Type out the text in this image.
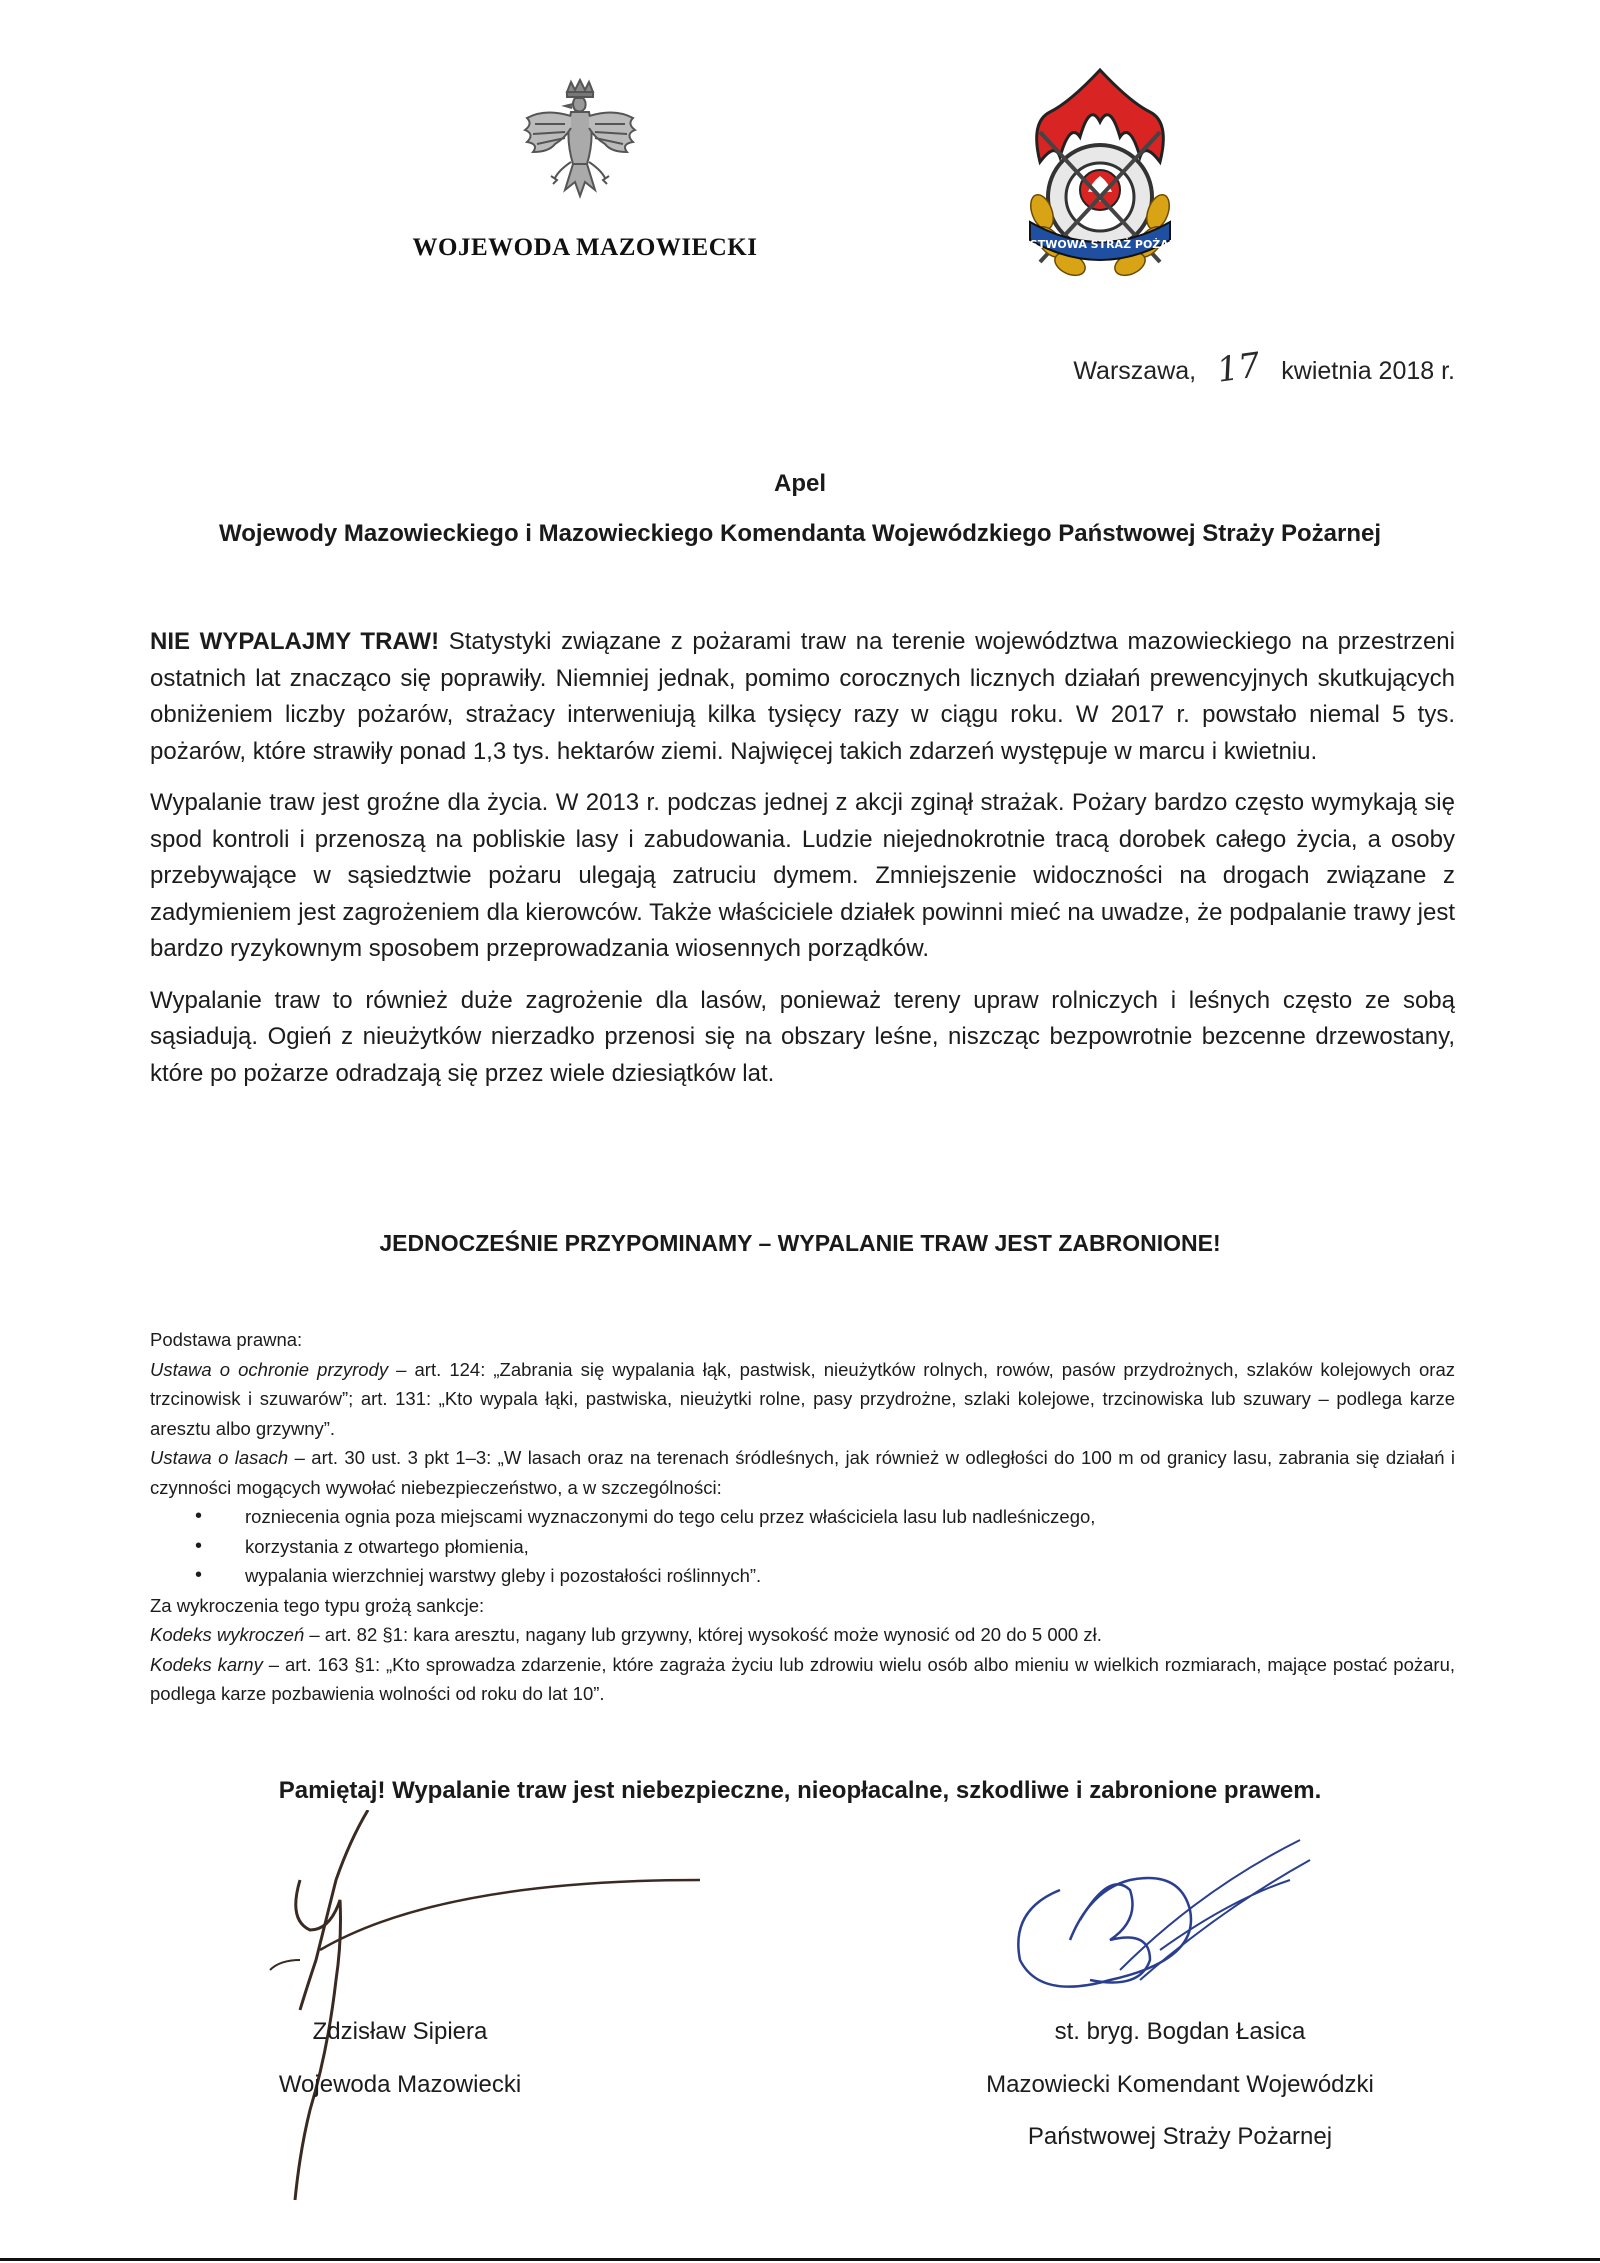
WOJEWODA MAZOWIECKI	PAŃSTWOWA STRAŻ POŻARNA
Warszawa, 17 kwietnia 2018 r.
Apel
Wojewody Mazowieckiego i Mazowieckiego Komendanta Wojewódzkiego Państwowej Straży Pożarnej

NIE WYPALAJMY TRAW! Statystyki związane z pożarami traw na terenie województwa mazowieckiego na przestrzeni ostatnich lat znacząco się poprawiły. Niemniej jednak, pomimo corocznych licznych działań prewencyjnych skutkujących obniżeniem liczby pożarów, strażacy interweniują kilka tysięcy razy w ciągu roku. W 2017 r. powstało niemal 5 tys. pożarów, które strawiły ponad 1,3 tys. hektarów ziemi. Najwięcej takich zdarzeń występuje w marcu i kwietniu.

Wypalanie traw jest groźne dla życia. W 2013 r. podczas jednej z akcji zginął strażak. Pożary bardzo często wymykają się spod kontroli i przenoszą na pobliskie lasy i zabudowania. Ludzie niejednokrotnie tracą dorobek całego życia, a osoby przebywające w sąsiedztwie pożaru ulegają zatruciu dymem. Zmniejszenie widoczności na drogach związane z zadymieniem jest zagrożeniem dla kierowców. Także właściciele działek powinni mieć na uwadze, że podpalanie trawy jest bardzo ryzykownym sposobem przeprowadzania wiosennych porządków.

Wypalanie traw to również duże zagrożenie dla lasów, ponieważ tereny upraw rolniczych i leśnych często ze sobą sąsiadują. Ogień z nieużytków nierzadko przenosi się na obszary leśne, niszcząc bezpowrotnie bezcenne drzewostany, które po pożarze odradzają się przez wiele dziesiątków lat.

JEDNOCZEŚNIE PRZYPOMINAMY – WYPALANIE TRAW JEST ZABRONIONE!

Podstawa prawna:

Ustawa o ochronie przyrody – art. 124: „Zabrania się wypalania łąk, pastwisk, nieużytków rolnych, rowów, pasów przydrożnych, szlaków kolejowych oraz trzcinowisk i szuwarów”; art. 131: „Kto wypala łąki, pastwiska, nieużytki rolne, pasy przydrożne, szlaki kolejowe, trzcinowiska lub szuwary – podlega karze aresztu albo grzywny”.

Ustawa o lasach – art. 30 ust. 3 pkt 1–3: „W lasach oraz na terenach śródleśnych, jak również w odległości do 100 m od granicy lasu, zabrania się działań i czynności mogących wywołać niebezpieczeństwo, a w szczególności:

• rozniecenia ognia poza miejscami wyznaczonymi do tego celu przez właściciela lasu lub nadleśniczego,
• korzystania z otwartego płomienia,
• wypalania wierzchniej warstwy gleby i pozostałości roślinnych”.

Za wykroczenia tego typu grożą sankcje:

Kodeks wykroczeń – art. 82 §1: kara aresztu, nagany lub grzywny, której wysokość może wynosić od 20 do 5 000 zł.

Kodeks karny – art. 163 §1: „Kto sprowadza zdarzenie, które zagraża życiu lub zdrowiu wielu osób albo mieniu w wielkich rozmiarach, mające postać pożaru, podlega karze pozbawienia wolności od roku do lat 10”.

Pamiętaj! Wypalanie traw jest niebezpieczne, nieopłacalne, szkodliwe i zabronione prawem.
Zdzisław Sipiera
Wojewoda Mazowiecki
st. bryg. Bogdan Łasica
Mazowiecki Komendant Wojewódzki
Państwowej Straży Pożarnej
